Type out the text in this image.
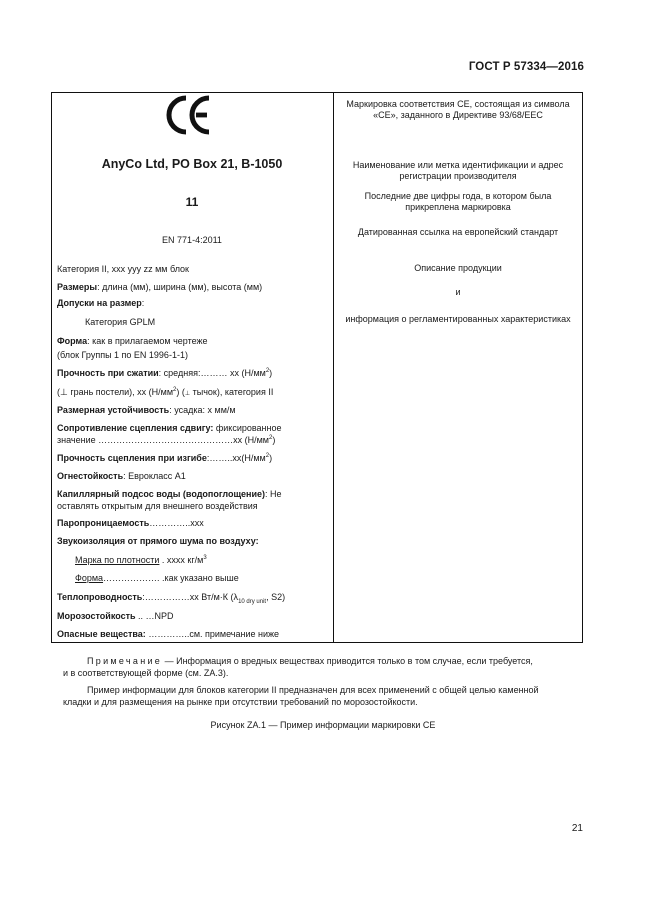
ГОСТ Р 57334—2016
AnyCo Ltd, PO Box 21, B-1050
11
EN 771-4:2011
Категория II, xxx yyy zz мм блок
Размеры: длина (мм), ширина (мм), высота (мм)
Допуски на размер:
Категория GPLM
Форма: как в прилагаемом чертеже
(блок Группы 1 по EN 1996-1-1)
Прочность при сжатии: средняя:……… xx $(Н/мм^2)$
(⊥ грань постели), xx $(Н/мм^2)$ (⊥ тычок), категория II
Размерная устойчивость: усадка: x мм/м
Сопротивление сцепления сдвигу: фиксированное
значение ………………………………………xx $(Н/мм^2)$
Прочность сцепления при $изгибе:\dots\dots..xx(Н/мм^2)$
Огнестойкость: Еврокласс А1
Капиллярный подсос воды (водопоглощение): Не
оставлять открытым для внешнего воздействия
Паропроницаемость…………..xxx
Звукоизоляция от прямого шума по воздуху:
Марка по плотности . xxxx $кг/м^3$
Форма………………. .как указано выше
Теплопроводность:……………xx Вт/м·К ($\lambda_{10 dry unit}$, S2)
Морозостойкость .. …NPD
Опасные вещества: …………..см. примечание ниже
Маркировка соответствия СЕ, состоящая из символа «СЕ», заданного в Директиве 93/68/ЕЕС
Наименование или метка идентификации и адрес регистрации производителя
Последние две цифры года, в котором была прикреплена маркировка
Датированная ссылка на европейский стандарт
Описание продукции
и
информация о регламентированных характеристиках
Примечание — Информация о вредных веществах приводится только в том случае, если требуется,
и в соответствующей форме (см. ZA.3).
Пример информации для блоков категории II предназначен для всех применений с общей целью каменной
кладки и для размещения на рынке при отсутствии требований по морозостойкости.
Рисунок ZA.1 — Пример информации маркировки СЕ
21
